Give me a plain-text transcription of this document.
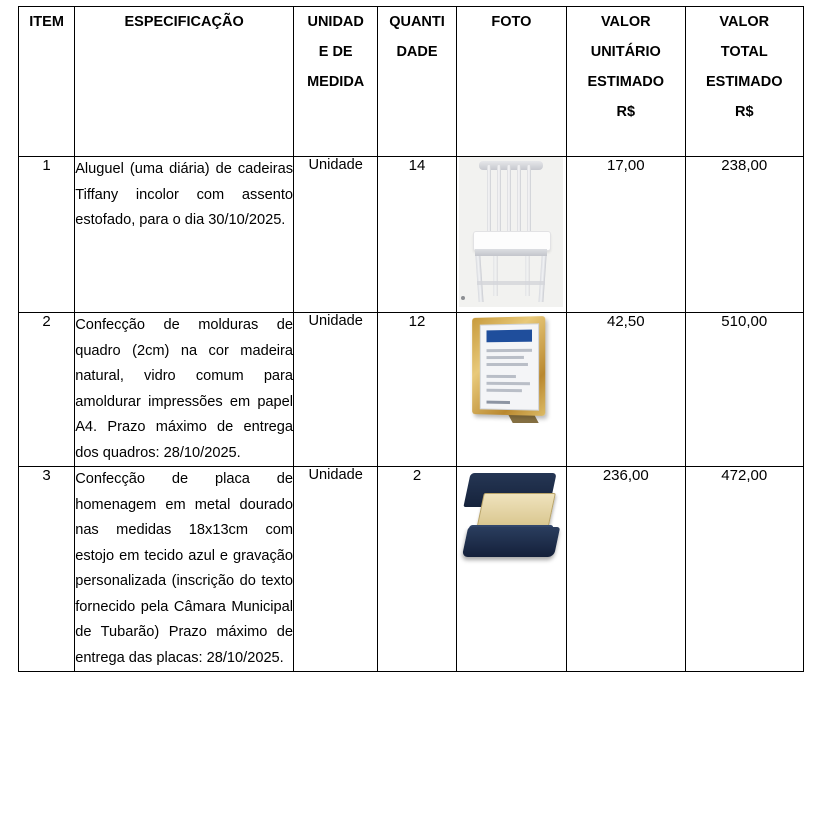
ITEM	ESPECIFICAÇÃO	UNIDAD
E DE
MEDIDA	QUANTI
DADE	FOTO	VALOR
UNITÁRIO
ESTIMADO
R$	VALOR
TOTAL
ESTIMADO
R$

1	Aluguel (uma diária) de cadeiras Tiffany incolor com assento estofado, para o dia 30/10/2025.	Unidade	14		17,00	238,00
2	Confecção de molduras de quadro (2cm) na cor madeira natural, vidro comum para amoldurar impressões em papel A4. Prazo máximo de entrega dos quadros: 28/10/2025.	Unidade	12		42,50	510,00
3	Confecção de placa de homenagem em metal dourado nas medidas 18x13cm com estojo em tecido azul e gravação personalizada (inscrição do texto fornecido pela Câmara Municipal de Tubarão) Prazo máximo de entrega das placas: 28/10/2025.	Unidade	2		236,00	472,00
